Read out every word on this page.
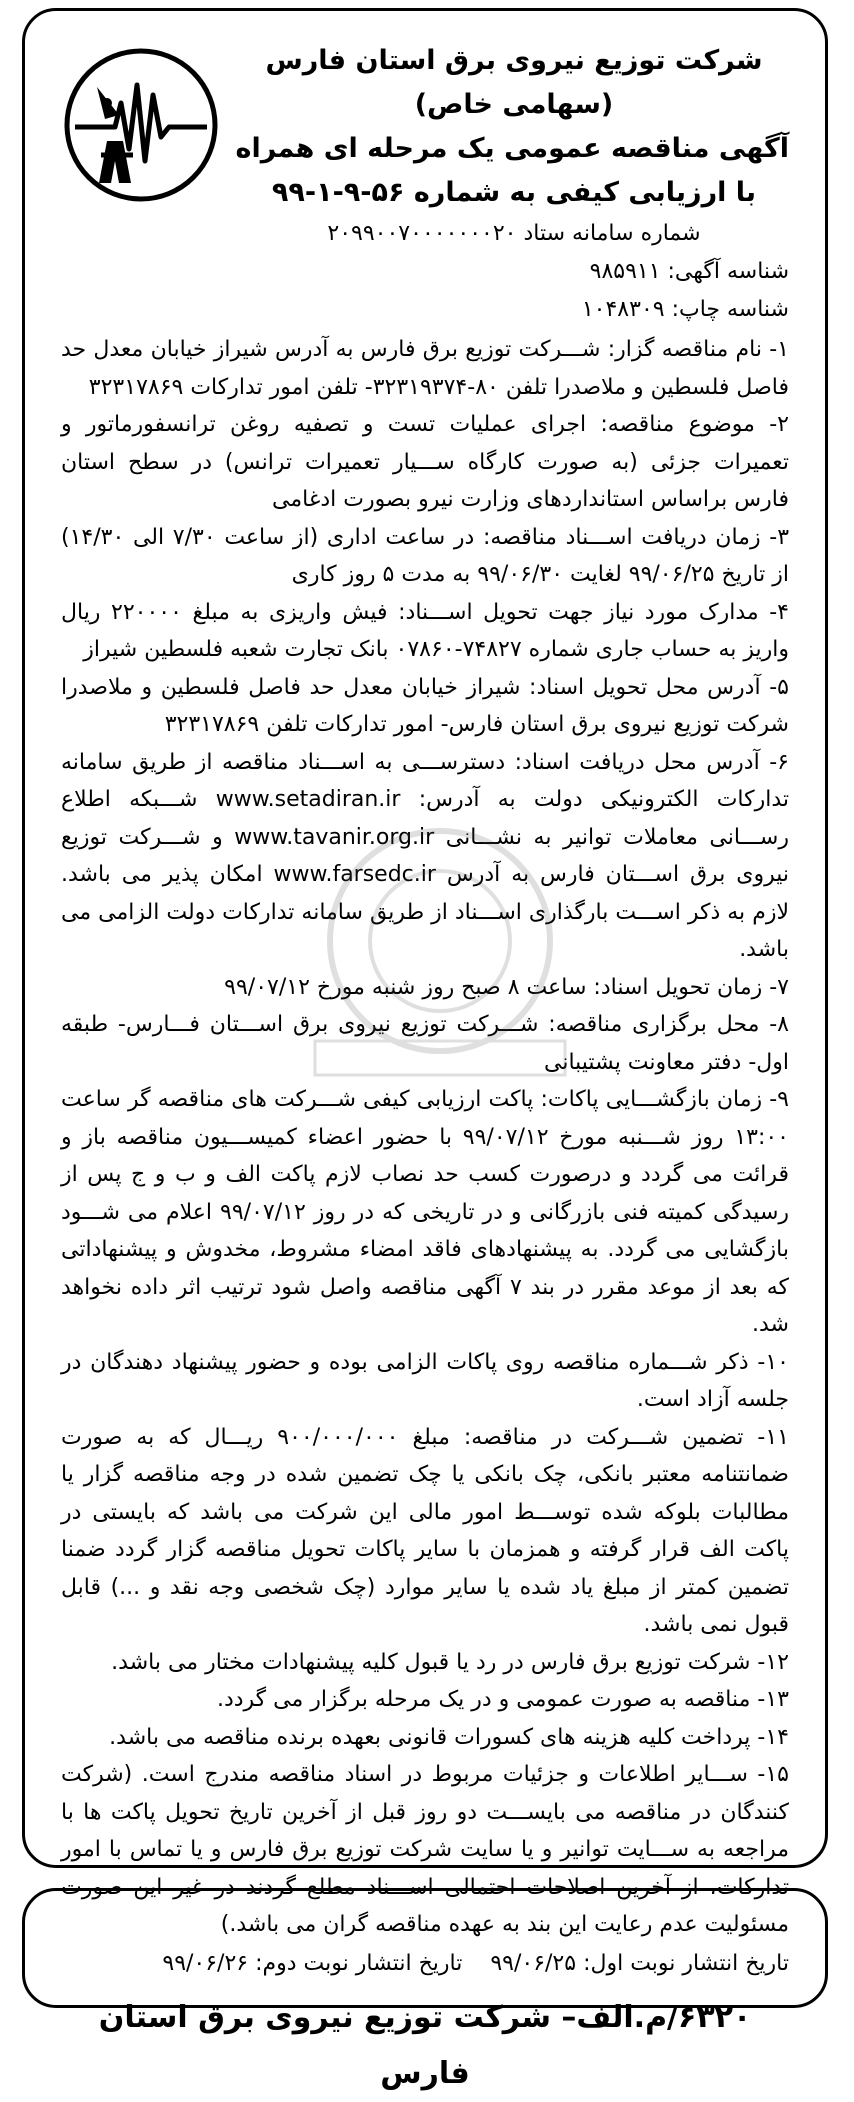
شرکت توزیع نیروی برق استان فارس
(سهامی خاص)
آگهی مناقصه عمومی یک مرحله ای همراه
با ارزیابی کیفی به شماره ۵۶-۹-۱-۹۹
شماره سامانه ستاد ۲۰۹۹۰۰۷۰۰۰۰۰۰۰۲۰
شناسه آگهی: ۹۸۵۹۱۱
شناسه چاپ: ۱۰۴۸۳۰۹

۱- نام مناقصه گزار: شـــرکت توزیع برق فارس به آدرس شیراز خیابان معدل حد فاصل فلسطین و ملاصدرا تلفن ۸۰-۳۲۳۱۹۳۷۴- تلفن امور تدارکات ۳۲۳۱۷۸۶۹

۲- موضوع مناقصه: اجرای عملیات تست و تصفیه روغن ترانسفورماتور و تعمیرات جزئی (به صورت کارگاه ســـیار تعمیرات ترانس) در سطح استان فارس براساس استانداردهای وزارت نیرو بصورت ادغامی

۳- زمان دریافت اســـناد مناقصه: در ساعت اداری (از ساعت ۷/۳۰ الی ۱۴/۳۰) از تاریخ ۹۹/۰۶/۲۵ لغایت ۹۹/۰۶/۳۰ به مدت ۵ روز کاری

۴- مدارک مورد نیاز جهت تحویل اســـناد: فیش واریزی به مبلغ ۲۲۰۰۰۰ ریال واریز به حساب جاری شماره ۷۴۸۲۷-۰۷۸۶۰ بانک تجارت شعبه فلسطین شیراز

۵- آدرس محل تحویل اسناد: شیراز خیابان معدل حد فاصل فلسطین و ملاصدرا شرکت توزیع نیروی برق استان فارس- امور تدارکات تلفن ۳۲۳۱۷۸۶۹

۶- آدرس محل دریافت اسناد: دسترســـی به اســـناد مناقصه از طریق سامانه تدارکات الکترونیکی دولت به آدرس: www.setadiran.ir شـــبکه اطلاع رســـانی معاملات توانیر به نشـــانی www.tavanir.org.ir و شـــرکت توزیع نیروی برق اســـتان فارس به آدرس www.farsedc.ir امکان پذیر می باشد. لازم به ذکر اســـت بارگذاری اســـناد از طریق سامانه تدارکات دولت الزامی می باشد.

۷- زمان تحویل اسناد: ساعت ۸ صبح روز شنبه مورخ ۹۹/۰۷/۱۲

۸- محل برگزاری مناقصه: شـــرکت توزیع نیروی برق اســـتان فـــارس- طبقه اول- دفتر معاونت پشتیبانی

۹- زمان بازگشـــایی پاکات: پاکت ارزیابی کیفی شـــرکت های مناقصه گر ساعت ۱۳:۰۰ روز شـــنبه مورخ ۹۹/۰۷/۱۲ با حضور اعضاء کمیســـیون مناقصه باز و قرائت می گردد و درصورت کسب حد نصاب لازم پاکت الف و ب و ج پس از رسیدگی کمیته فنی بازرگانی و در تاریخی که در روز ۹۹/۰۷/۱۲ اعلام می شـــود بازگشایی می گردد. به پیشنهادهای فاقد امضاء مشروط، مخدوش و پیشنهاداتی که بعد از موعد مقرر در بند ۷ آگهی مناقصه واصل شود ترتیب اثر داده نخواهد شد.

۱۰- ذکر شـــماره مناقصه روی پاکات الزامی بوده و حضور پیشنهاد دهندگان در جلسه آزاد است.

۱۱- تضمین شـــرکت در مناقصه: مبلغ ۹۰۰/۰۰۰/۰۰۰ ریـــال که به صورت ضمانتنامه معتبر بانکی، چک بانکی یا چک تضمین شده در وجه مناقصه گزار یا مطالبات بلوکه شده توســـط امور مالی این شرکت می باشد که بایستی در پاکت الف قرار گرفته و همزمان با سایر پاکات تحویل مناقصه گزار گردد ضمنا تضمین کمتر از مبلغ یاد شده یا سایر موارد (چک شخصی وجه نقد و ...) قابل قبول نمی باشد.

۱۲- شرکت توزیع برق فارس در رد یا قبول کلیه پیشنهادات مختار می باشد.

۱۳- مناقصه به صورت عمومی و در یک مرحله برگزار می گردد.

۱۴- پرداخت کلیه هزینه های کسورات قانونی بعهده برنده مناقصه می باشد.

۱۵- ســـایر اطلاعات و جزئیات مربوط در اسناد مناقصه مندرج است. (شرکت کنندگان در مناقصه می بایســـت دو روز قبل از آخرین تاریخ تحویل پاکت ها با مراجعه به ســـایت توانیر و یا سایت شرکت توزیع برق فارس و یا تماس با امور تدارکات، از آخرین اصلاحات احتمالی اســـناد مطلع گردند در غیر این صورت مسئولیت عدم رعایت این بند به عهده مناقصه گران می باشد.)

تاریخ انتشار نوبت اول: ۹۹/۰۶/۲۵    تاریخ انتشار نوبت دوم: ۹۹/۰۶/۲۶
۶۳۲۰/م.الف– شرکت توزیع نیروی برق استان فارس
